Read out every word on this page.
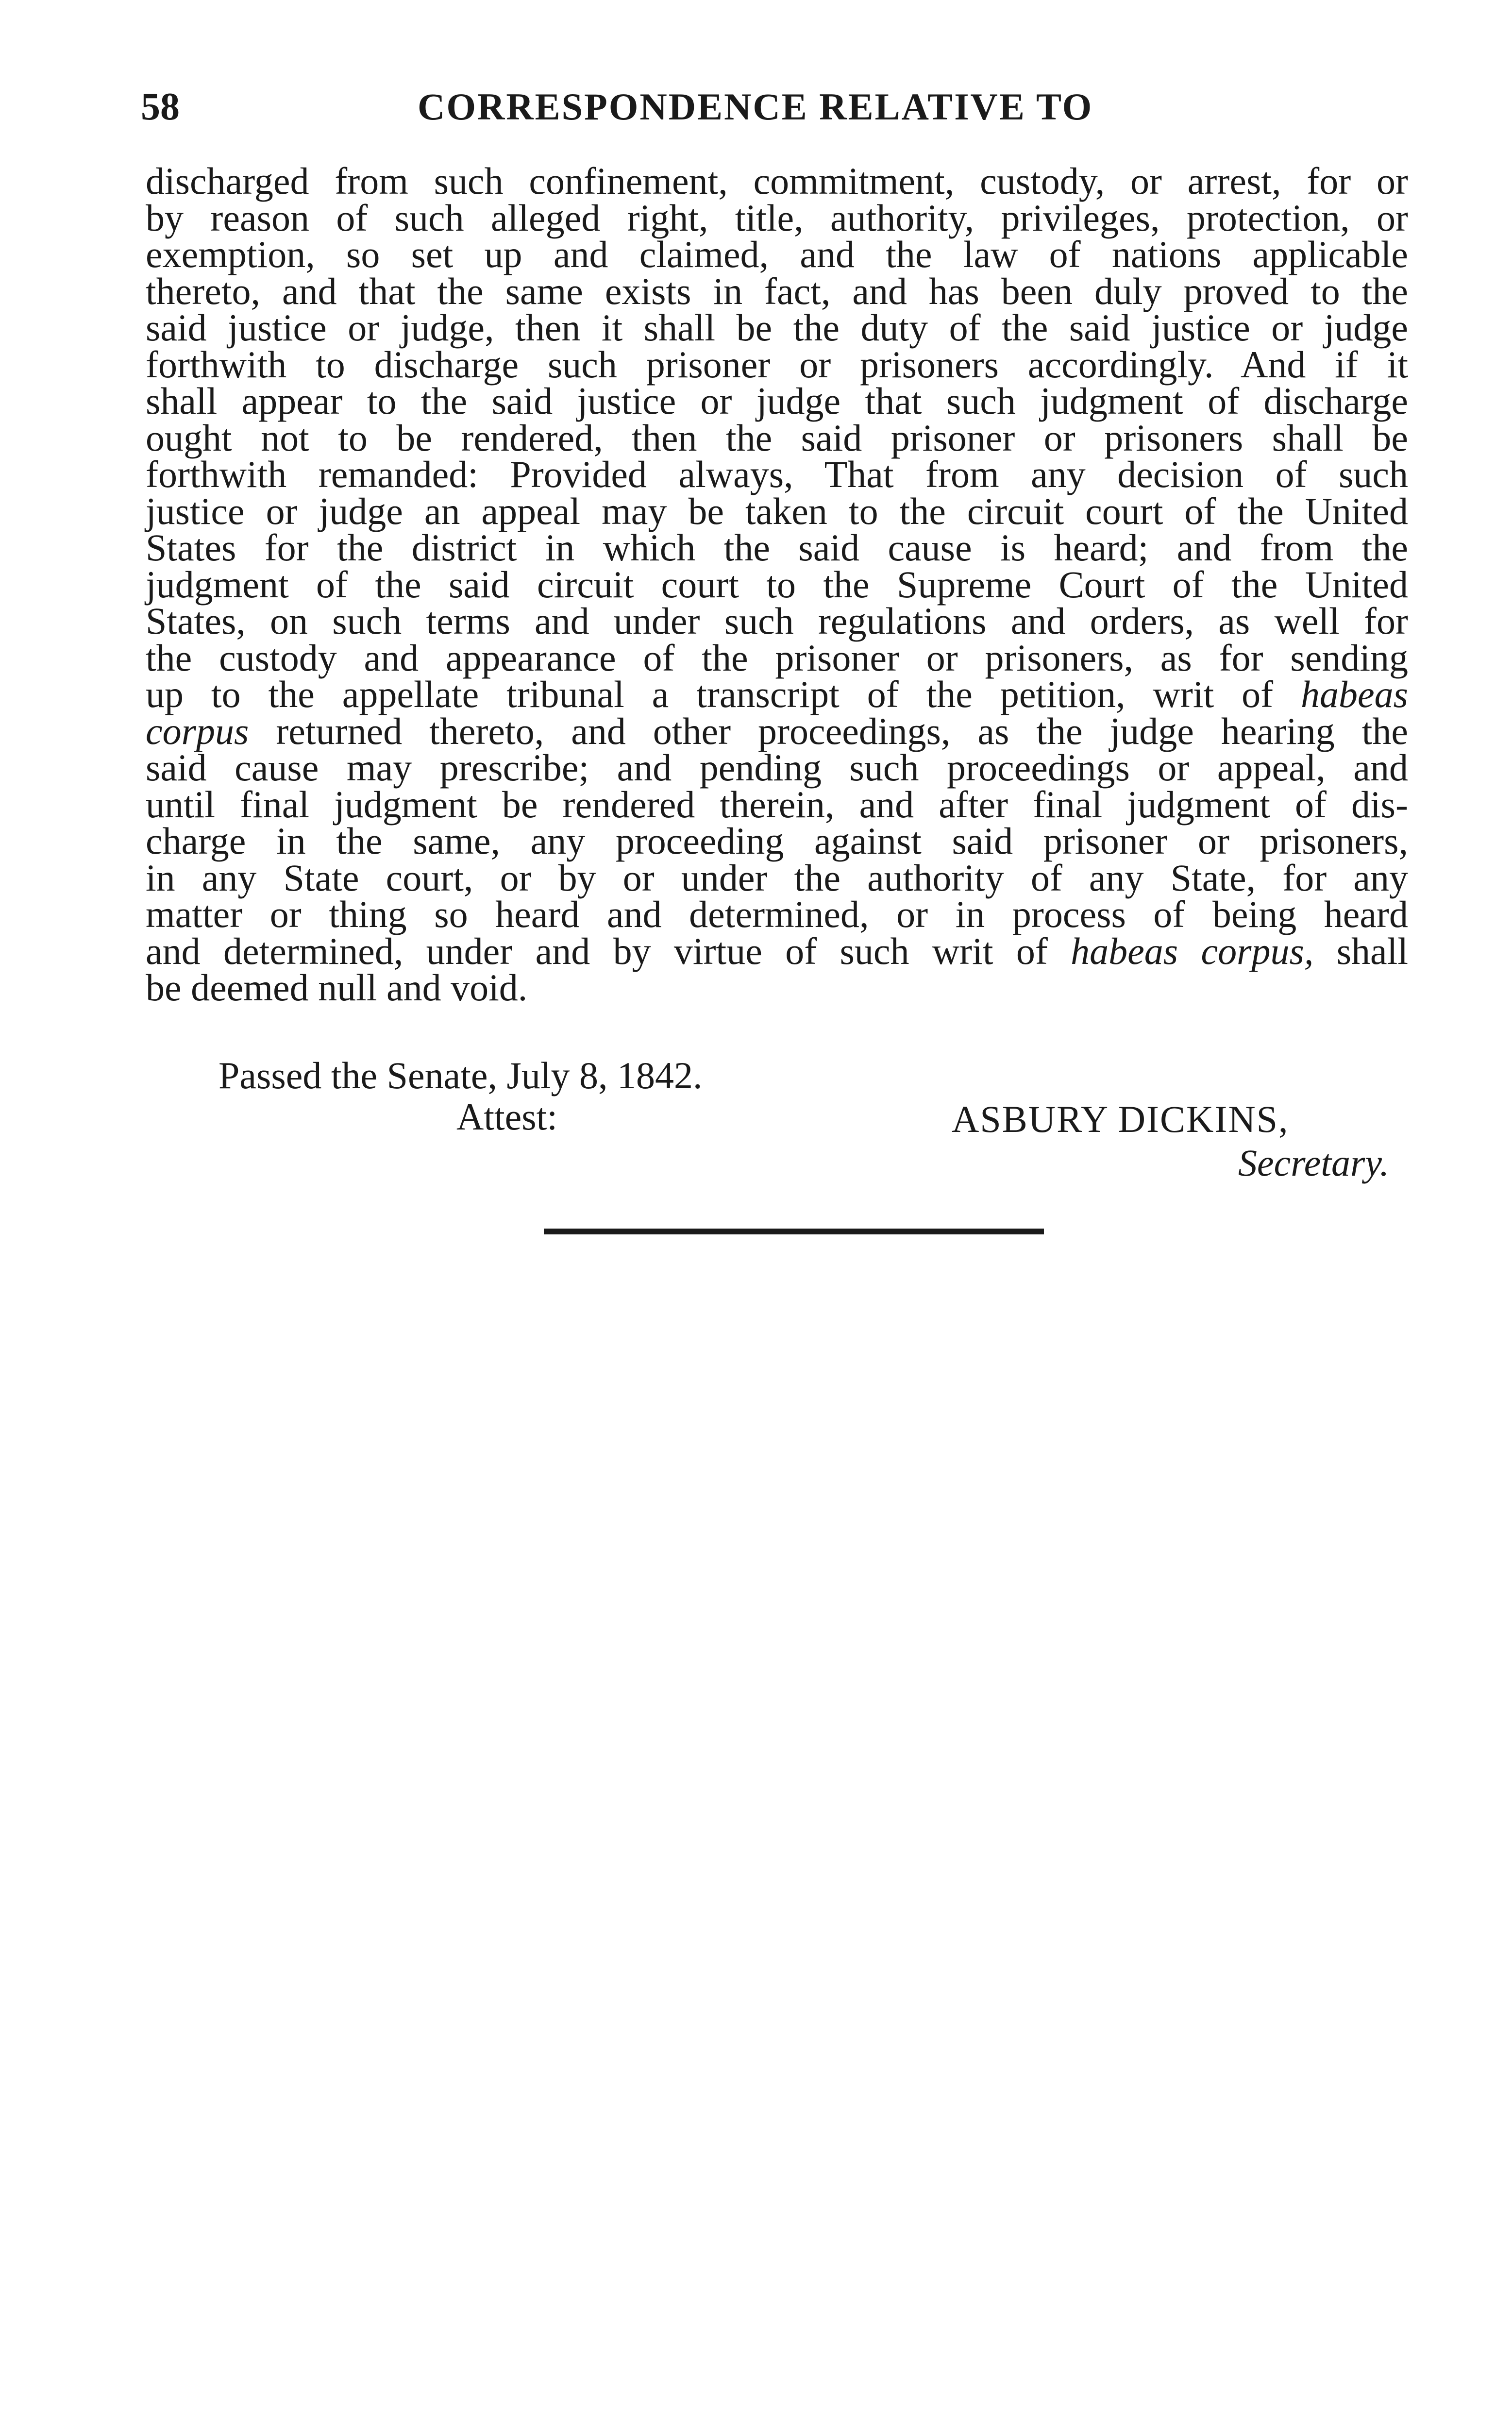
58	CORRESPONDENCE RELATIVE TO
discharged from such confinement, commitment, custody, or arrest, for or
by reason of such alleged right, title, authority, privileges, protection, or
exemption, so set up and claimed, and the law of nations applicable
thereto, and that the same exists in fact, and has been duly proved to the
said justice or judge, then it shall be the duty of the said justice or judge
forthwith to discharge such prisoner or prisoners accordingly. And if it
shall appear to the said justice or judge that such judgment of discharge
ought not to be rendered, then the said prisoner or prisoners shall be
forthwith remanded: Provided always, That from any decision of such
justice or judge an appeal may be taken to the circuit court of the United
States for the district in which the said cause is heard; and from the
judgment of the said circuit court to the Supreme Court of the United
States, on such terms and under such regulations and orders, as well for
the custody and appearance of the prisoner or prisoners, as for sending
up to the appellate tribunal a transcript of the petition, writ of habeas
corpus returned thereto, and other proceedings, as the judge hearing the
said cause may prescribe; and pending such proceedings or appeal, and
until final judgment be rendered therein, and after final judgment of dis-
charge in the same, any proceeding against said prisoner or prisoners,
in any State court, or by or under the authority of any State, for any
matter or thing so heard and determined, or in process of being heard
and determined, under and by virtue of such writ of habeas corpus, shall
be deemed null and void.
Passed the Senate, July 8, 1842.
Attest:	ASBURY DICKINS,
Secretary.
